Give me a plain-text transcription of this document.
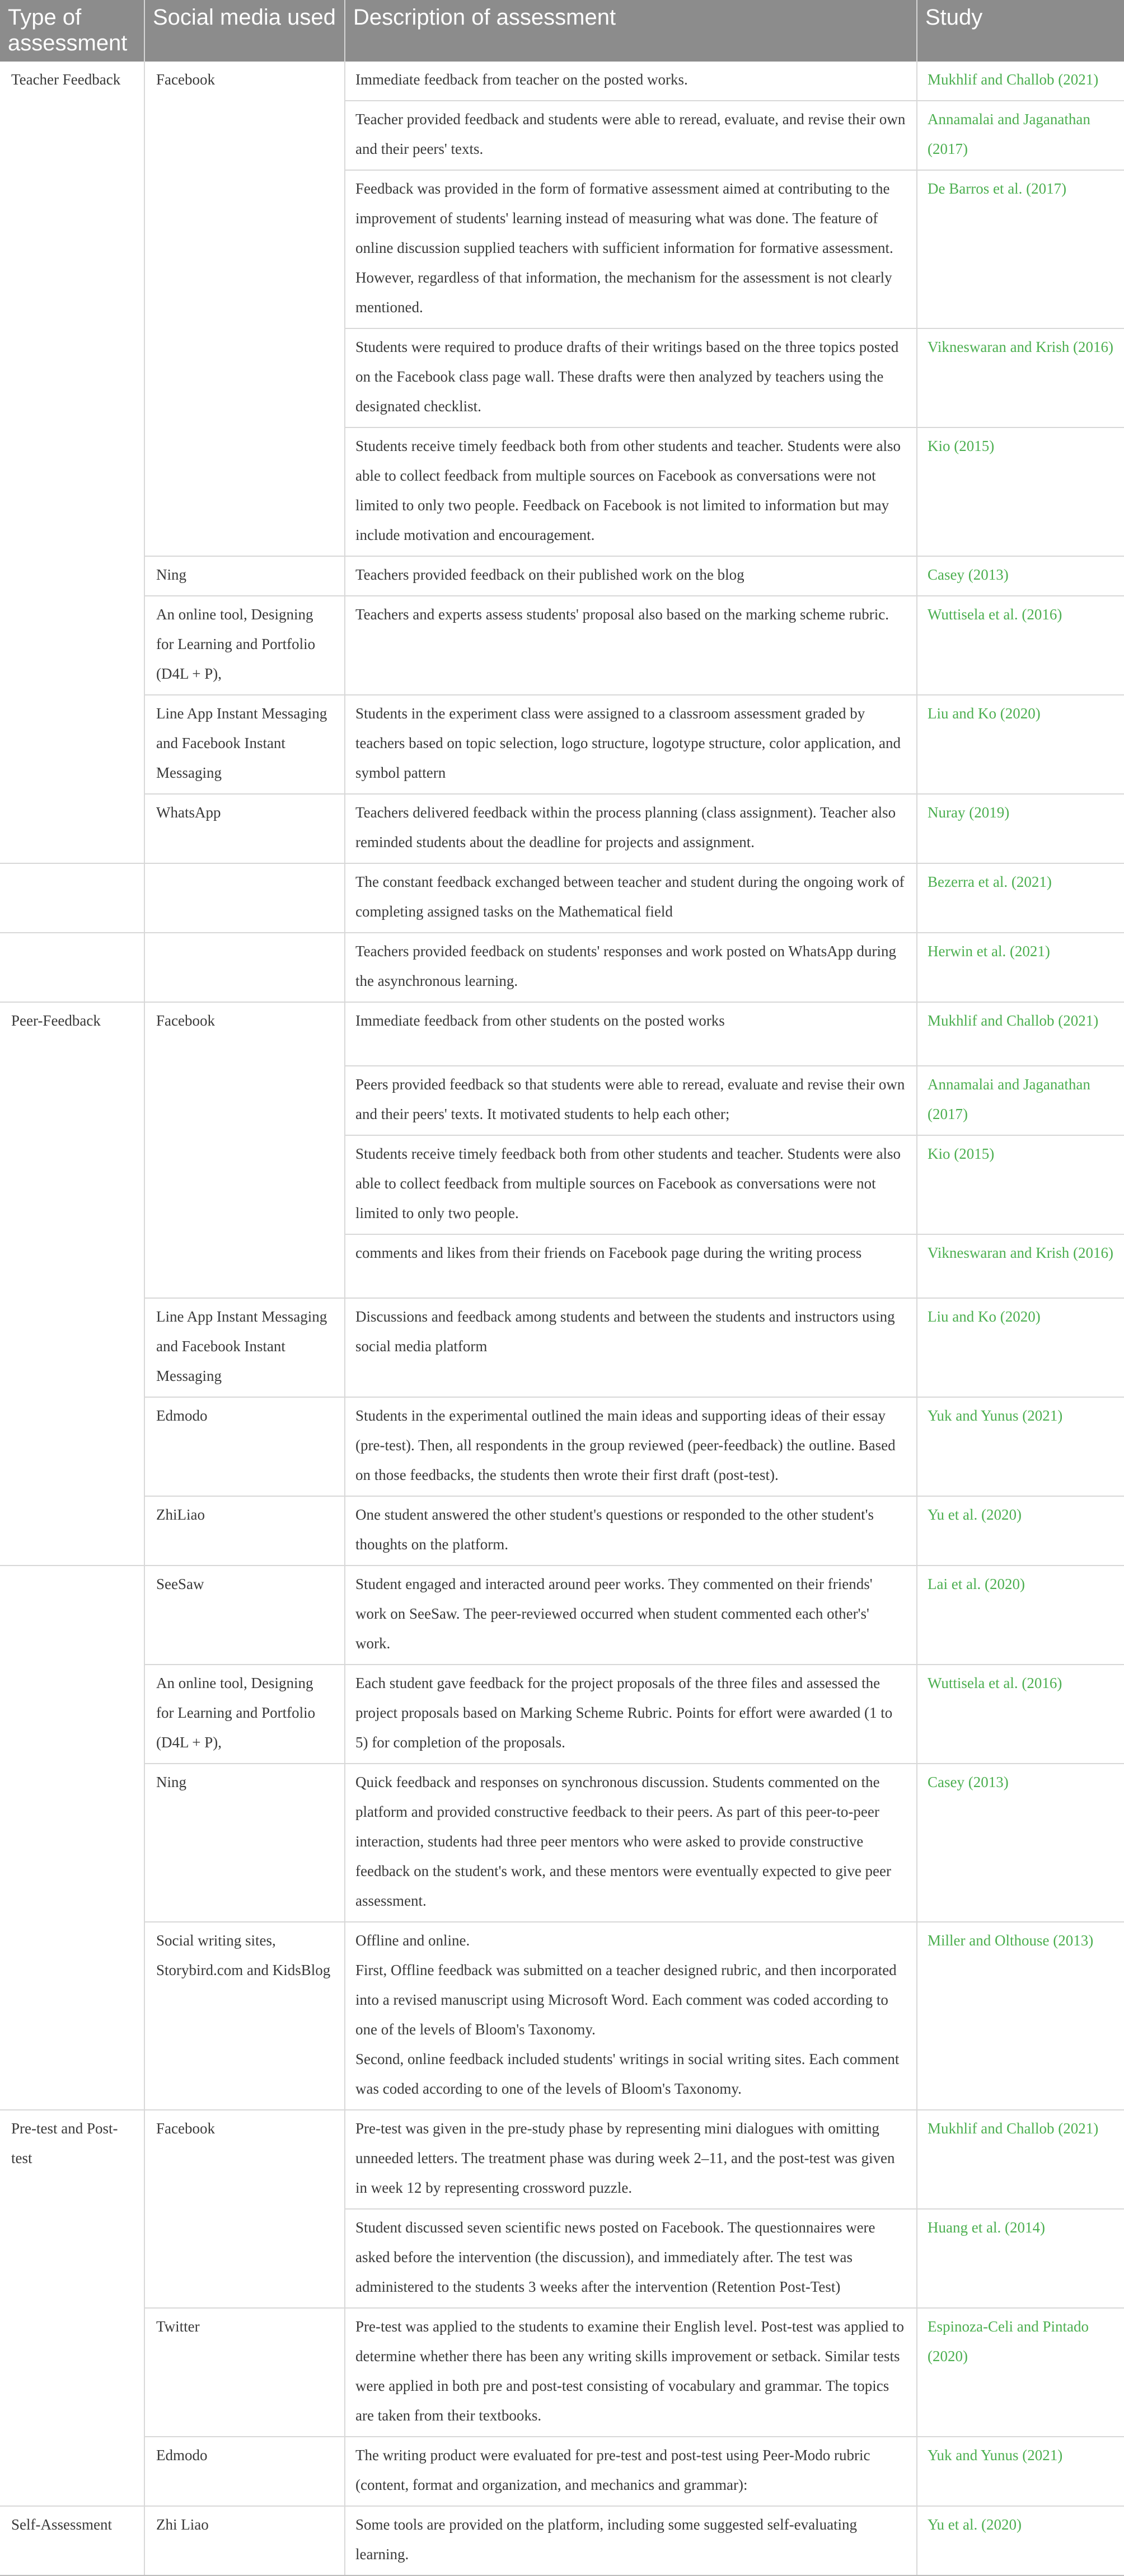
Type of assessment	Social media used	Description of assessment	Study
Teacher Feedback	Facebook	Immediate feedback from teacher on the posted works.	Mukhlif and Challob (2021)
		Teacher provided feedback and students were able to reread, evaluate, and revise their own and their peers' texts.	Annamalai and Jaganathan (2017)
		Feedback was provided in the form of formative assessment aimed at contributing to the improvement of students' learning instead of measuring what was done. The feature of online discussion supplied teachers with sufficient information for formative assessment. However, regardless of that information, the mechanism for the assessment is not clearly mentioned.	De Barros et al. (2017)
		Students were required to produce drafts of their writings based on the three topics posted on the Facebook class page wall. These drafts were then analyzed by teachers using the designated checklist.	Vikneswaran and Krish (2016)
		Students receive timely feedback both from other students and teacher. Students were also able to collect feedback from multiple sources on Facebook as conversations were not limited to only two people. Feedback on Facebook is not limited to information but may include motivation and encouragement.	Kio (2015)
	Ning	Teachers provided feedback on their published work on the blog	Casey (2013)
	An online tool, Designing for Learning and Portfolio (D4L + P),	Teachers and experts assess students' proposal also based on the marking scheme rubric.	Wuttisela et al. (2016)
	Line App Instant Messaging and Facebook Instant Messaging	Students in the experiment class were assigned to a classroom assessment graded by teachers based on topic selection, logo structure, logotype structure, color application, and symbol pattern	Liu and Ko (2020)
	WhatsApp	Teachers delivered feedback within the process planning (class assignment). Teacher also reminded students about the deadline for projects and assignment.	Nuray (2019)
		The constant feedback exchanged between teacher and student during the ongoing work of completing assigned tasks on the Mathematical field	Bezerra et al. (2021)
		Teachers provided feedback on students' responses and work posted on WhatsApp during the asynchronous learning.	Herwin et al. (2021)
Peer-Feedback	Facebook	Immediate feedback from other students on the posted works	Mukhlif and Challob (2021)
		Peers provided feedback so that students were able to reread, evaluate and revise their own and their peers' texts. It motivated students to help each other;	Annamalai and Jaganathan (2017)
		Students receive timely feedback both from other students and teacher. Students were also able to collect feedback from multiple sources on Facebook as conversations were not limited to only two people.	Kio (2015)
		comments and likes from their friends on Facebook page during the writing process	Vikneswaran and Krish (2016)
	Line App Instant Messaging and Facebook Instant Messaging	Discussions and feedback among students and between the students and instructors using social media platform	Liu and Ko (2020)
	Edmodo	Students in the experimental outlined the main ideas and supporting ideas of their essay (pre-test). Then, all respondents in the group reviewed (peer-feedback) the outline. Based on those feedbacks, the students then wrote their first draft (post-test).	Yuk and Yunus (2021)
	ZhiLiao	One student answered the other student's questions or responded to the other student's thoughts on the platform.	Yu et al. (2020)
	SeeSaw	Student engaged and interacted around peer works. They commented on their friends' work on SeeSaw. The peer-reviewed occurred when student commented each other's' work.	Lai et al. (2020)
	An online tool, Designing for Learning and Portfolio (D4L + P),	Each student gave feedback for the project proposals of the three files and assessed the project proposals based on Marking Scheme Rubric. Points for effort were awarded (1 to 5) for completion of the proposals.	Wuttisela et al. (2016)
	Ning	Quick feedback and responses on synchronous discussion. Students commented on the platform and provided constructive feedback to their peers. As part of this peer-to-peer interaction, students had three peer mentors who were asked to provide constructive feedback on the student's work, and these mentors were eventually expected to give peer assessment.	Casey (2013)
	Social writing sites, Storybird.com and KidsBlog	Offline and online.
First, Offline feedback was submitted on a teacher designed rubric, and then incorporated into a revised manuscript using Microsoft Word. Each comment was coded according to one of the levels of Bloom's Taxonomy.
Second, online feedback included students' writings in social writing sites. Each comment was coded according to one of the levels of Bloom's Taxonomy.	Miller and Olthouse (2013)
Pre-test and Post-test	Facebook	Pre-test was given in the pre-study phase by representing mini dialogues with omitting unneeded letters. The treatment phase was during week 2–11, and the post-test was given in week 12 by representing crossword puzzle.	Mukhlif and Challob (2021)
		Student discussed seven scientific news posted on Facebook. The questionnaires were asked before the intervention (the discussion), and immediately after. The test was administered to the students 3 weeks after the intervention (Retention Post-Test)	Huang et al. (2014)
	Twitter	Pre-test was applied to the students to examine their English level. Post-test was applied to determine whether there has been any writing skills improvement or setback. Similar tests were applied in both pre and post-test consisting of vocabulary and grammar. The topics are taken from their textbooks.	Espinoza-Celi and Pintado (2020)
	Edmodo	The writing product were evaluated for pre-test and post-test using Peer-Modo rubric (content, format and organization, and mechanics and grammar):	Yuk and Yunus (2021)
Self-Assessment	Zhi Liao	Some tools are provided on the platform, including some suggested self-evaluating learning.	Yu et al. (2020)
